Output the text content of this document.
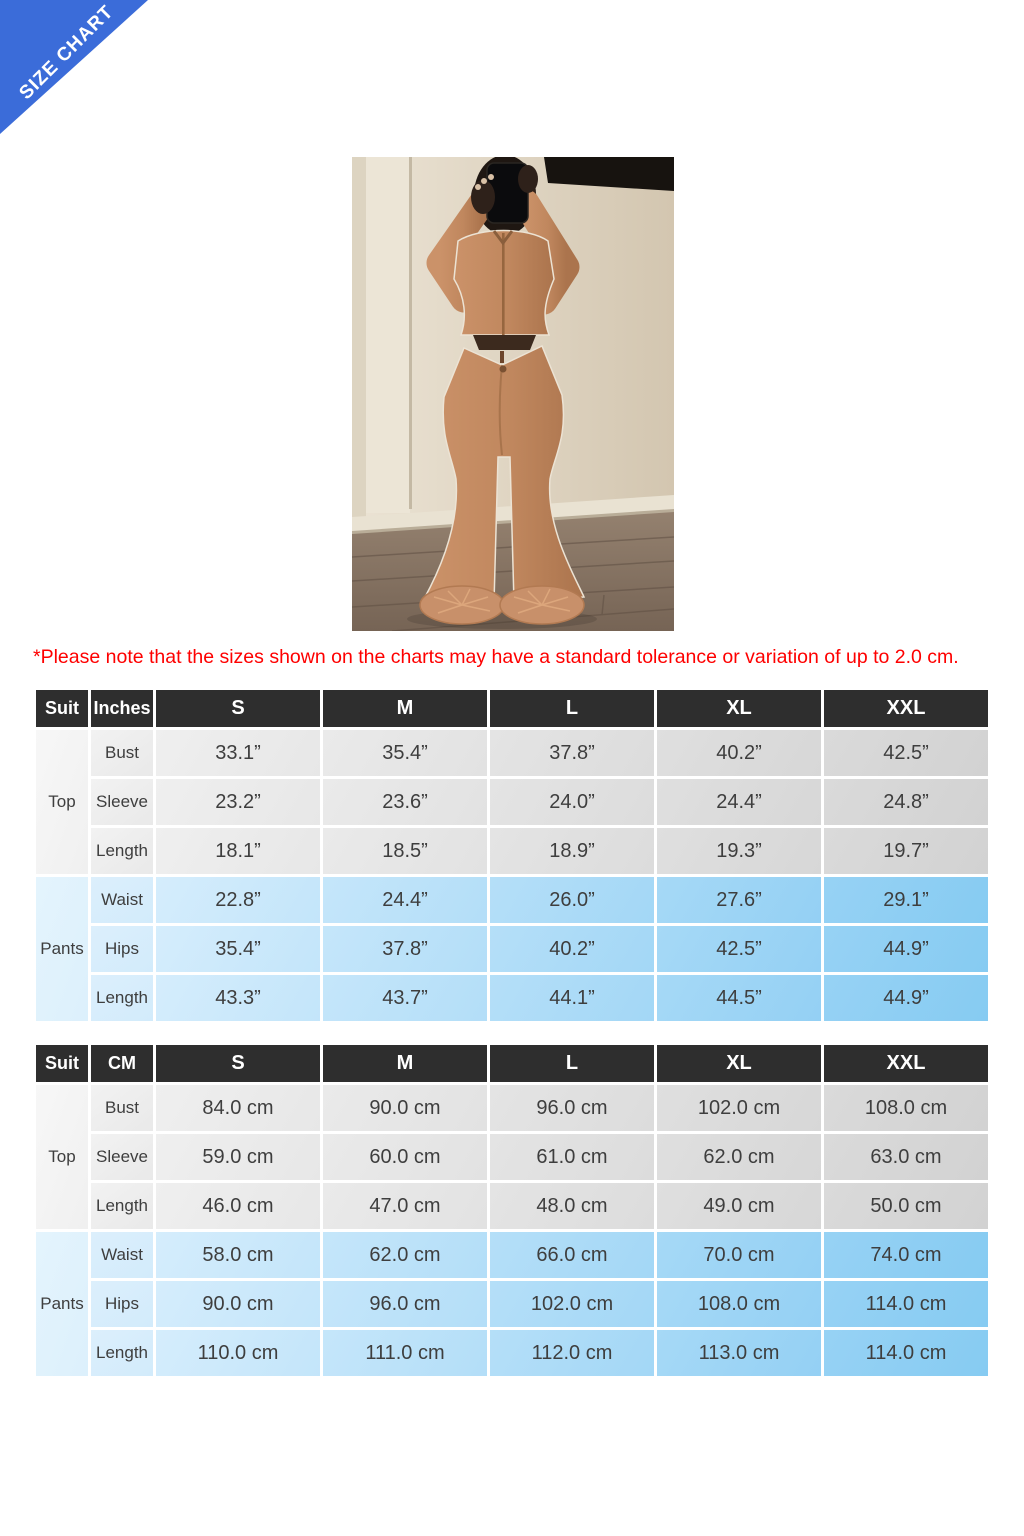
SIZE CHART
*Please note that the sizes shown on the charts may have a standard tolerance or variation of up to 2.0 cm.
Suit	Inches	S	M	L	XL	XXL
Top	Bust	33.1”	35.4”	37.8”	40.2”	42.5”
	Sleeve	23.2”	23.6”	24.0”	24.4”	24.8”
	Length	18.1”	18.5”	18.9”	19.3”	19.7”
Pants	Waist	22.8”	24.4”	26.0”	27.6”	29.1”
	Hips	35.4”	37.8”	40.2”	42.5”	44.9”
	Length	43.3”	43.7”	44.1”	44.5”	44.9”
Suit	CM	S	M	L	XL	XXL
Top	Bust	84.0 cm	90.0 cm	96.0 cm	102.0 cm	108.0 cm
	Sleeve	59.0 cm	60.0 cm	61.0 cm	62.0 cm	63.0 cm
	Length	46.0 cm	47.0 cm	48.0 cm	49.0 cm	50.0 cm
Pants	Waist	58.0 cm	62.0 cm	66.0 cm	70.0 cm	74.0 cm
	Hips	90.0 cm	96.0 cm	102.0 cm	108.0 cm	114.0 cm
	Length	110.0 cm	111.0 cm	112.0 cm	113.0 cm	114.0 cm
